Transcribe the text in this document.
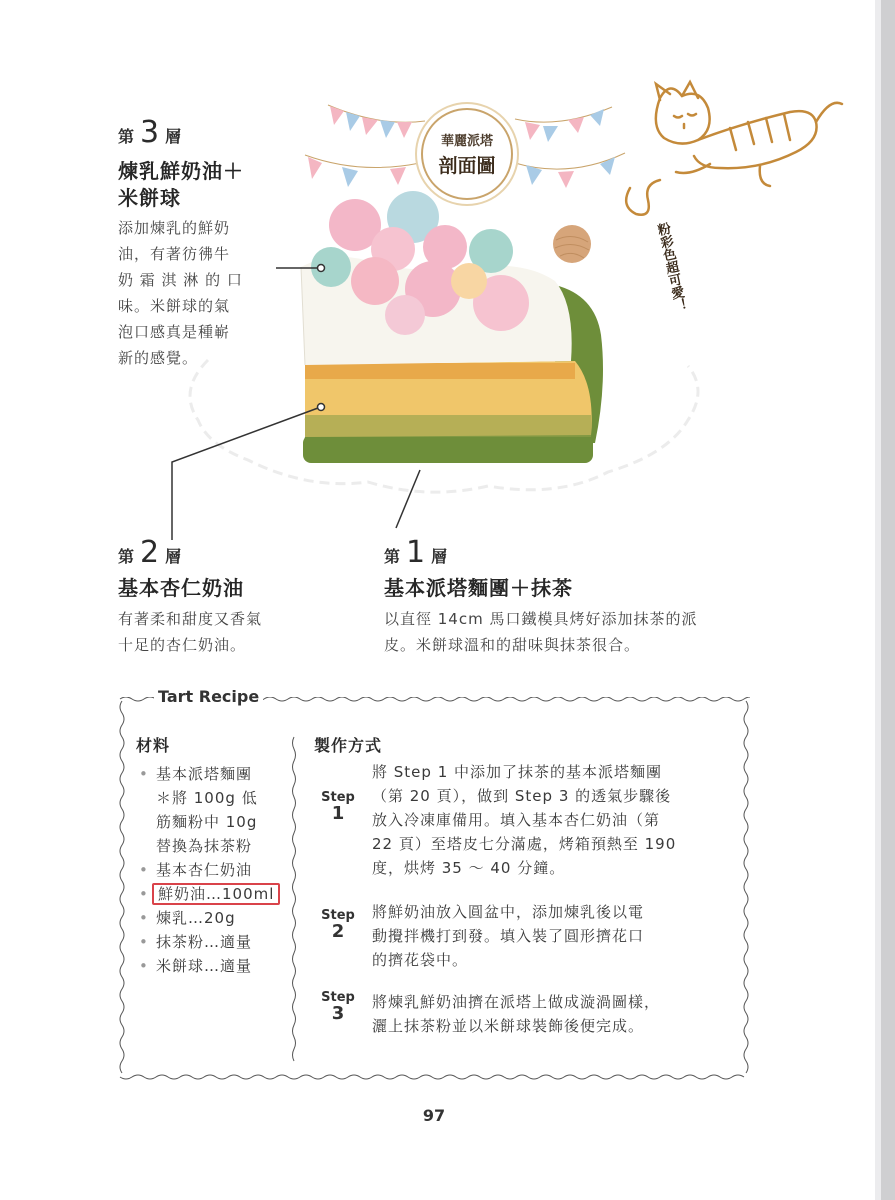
華麗派塔
剖面圖
粉彩色超可愛！
第 3 層
煉乳鮮奶油＋
米餅球
添加煉乳的鮮奶
油，有著彷彿牛
奶 霜 淇 淋 的 口
味。米餅球的氣
泡口感真是種嶄
新的感覺。
第 2 層
基本杏仁奶油
有著柔和甜度又香氣
十足的杏仁奶油。
第 1 層
基本派塔麵團＋抹茶
以直徑 14cm 馬口鐵模具烤好添加抹茶的派
皮。米餅球溫和的甜味與抹茶很合。
Tart Recipe
材料
• 基本派塔麵團
＊將 100g 低
筋麵粉中 10g
替換為抹茶粉
• 基本杏仁奶油
• 鮮奶油…100ml
• 煉乳…20g
• 抹茶粉…適量
• 米餅球…適量
製作方式
Step
1
將 Step 1 中添加了抹茶的基本派塔麵團
（第 20 頁），做到 Step 3 的透氣步驟後
放入冷凍庫備用。填入基本杏仁奶油（第
22 頁）至塔皮七分滿處，烤箱預熱至 190
度，烘烤 35 ～ 40 分鐘。
Step
2
將鮮奶油放入圓盆中，添加煉乳後以電
動攪拌機打到發。填入裝了圓形擠花口
的擠花袋中。
Step
3
將煉乳鮮奶油擠在派塔上做成漩渦圖樣，
灑上抹茶粉並以米餅球裝飾後便完成。
97
